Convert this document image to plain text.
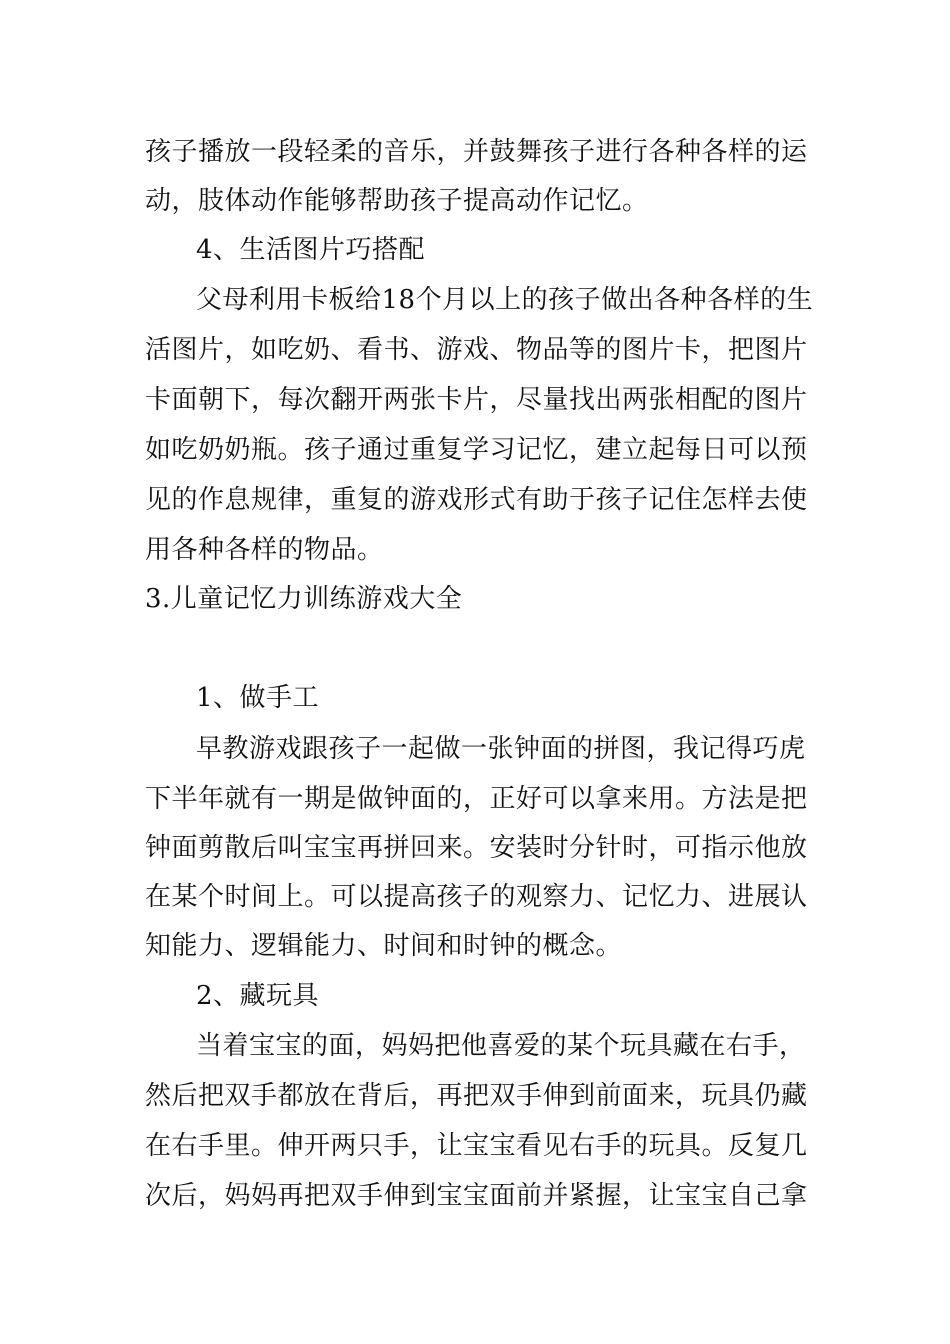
孩子播放一段轻柔的音乐，并鼓舞孩子进行各种各样的运
动，肢体动作能够帮助孩子提高动作记忆。
4、生活图片巧搭配
父母利用卡板给18个月以上的孩子做出各种各样的生
活图片，如吃奶、看书、游戏、物品等的图片卡，把图片
卡面朝下，每次翻开两张卡片，尽量找出两张相配的图片
如吃奶奶瓶。孩子通过重复学习记忆，建立起每日可以预
见的作息规律，重复的游戏形式有助于孩子记住怎样去使
用各种各样的物品。
3.儿童记忆力训练游戏大全
1、做手工
早教游戏跟孩子一起做一张钟面的拼图，我记得巧虎
下半年就有一期是做钟面的，正好可以拿来用。方法是把
钟面剪散后叫宝宝再拼回来。安装时分针时，可指示他放
在某个时间上。可以提高孩子的观察力、记忆力、进展认
知能力、逻辑能力、时间和时钟的概念。
2、藏玩具
当着宝宝的面，妈妈把他喜爱的某个玩具藏在右手，
然后把双手都放在背后，再把双手伸到前面来，玩具仍藏
在右手里。伸开两只手，让宝宝看见右手的玩具。反复几
次后，妈妈再把双手伸到宝宝面前并紧握，让宝宝自己拿
